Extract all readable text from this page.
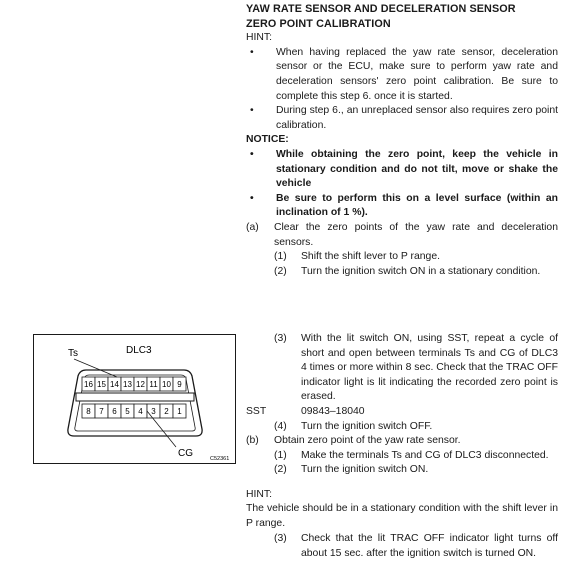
YAW RATE SENSOR AND DECELERATION SENSOR
ZERO POINT CALIBRATION
HINT:
•	When having replaced the yaw rate sensor, deceleration sensor or the ECU, make sure to perform yaw rate and deceleration sensors' zero point calibration. Be sure to complete this step 6. once it is started.
•	During step 6., an unreplaced sensor also requires zero point calibration.
NOTICE:
•	While obtaining the zero point, keep the vehicle in stationary condition and do not tilt, move or shake the vehicle
•	Be sure to perform this on a level surface (within an inclination of 1 %).
(a)	Clear the zero points of the yaw rate and deceleration sensors.
(1)	Shift the shift lever to P range.
(2)	Turn the ignition switch ON in a stationary condition.
(3)	With the lit switch ON, using SST, repeat a cycle of short and open between terminals Ts and CG of DLC3 4 times or more within 8 sec. Check that the TRAC OFF indicator light is lit indicating the recorded zero point is erased.
SST	09843–18040
(4)	Turn the ignition switch OFF.
(b)	Obtain zero point of the yaw rate sensor.
(1)	Make the terminals Ts and CG of DLC3 disconnected.
(2)	Turn the ignition switch ON.
HINT:
The vehicle should be in a stationary condition with the shift lever in P range.
(3)	Check that the lit TRAC OFF indicator light turns off about 15 sec. after the ignition switch is turned ON.
DLC3
Ts
16 15 14 13 12 11 10 9
8 7 6 5 4 3 2 1
CG	C52361
